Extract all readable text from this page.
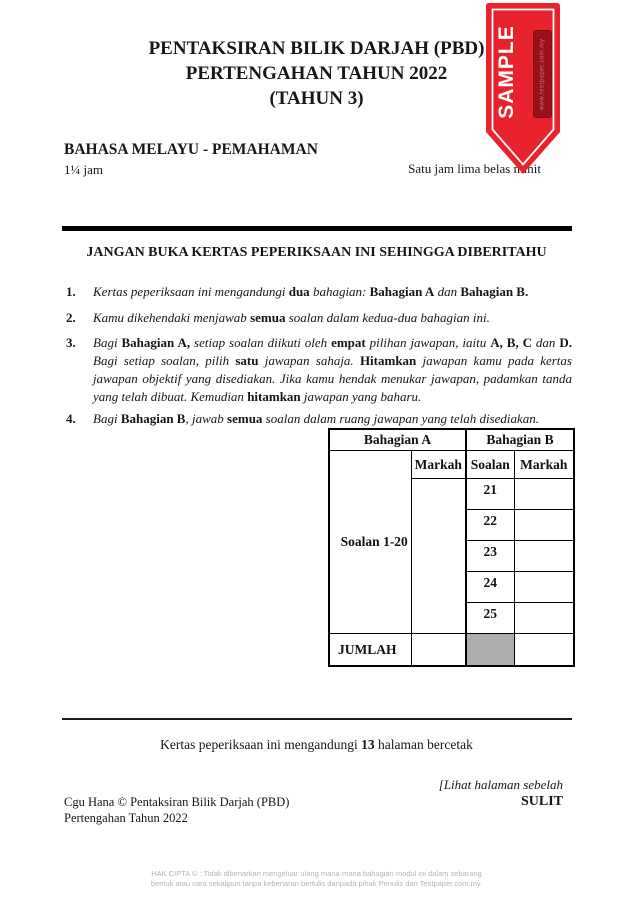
PENTAKSIRAN BILIK DARJAH (PBD)
PERTENGAHAN TAHUN 2022
(TAHUN 3)
BAHASA MELAYU - PEMAHAMAN
1¼ jam	Satu jam lima belas minit
SAMPLE	www.testpaper.com.my
JANGAN BUKA KERTAS PEPERIKSAAN INI SEHINGGA DIBERITAHU
1.	Kertas peperiksaan ini mengandungi dua bahagian: Bahagian A dan Bahagian B.
2.	Kamu dikehendaki menjawab semua soalan dalam kedua-dua bahagian ini.
3.	Bagi Bahagian A, setiap soalan diikuti oleh empat pilihan jawapan, iaitu A, B, C dan D. Bagi setiap soalan, pilih satu jawapan sahaja. Hitamkan jawapan kamu pada kertas jawapan objektif yang disediakan. Jika kamu hendak menukar jawapan, padamkan tanda yang telah dibuat. Kemudian hitamkan jawapan yang baharu.
4.	Bagi Bahagian B, jawab semua soalan dalam ruang jawapan yang telah disediakan.
Bahagian A		Bahagian B	
Soalan 1-20	Markah	Soalan	Markah
		21	
		22	
		23	
		24	
		25	
JUMLAH			
Kertas peperiksaan ini mengandungi 13 halaman bercetak
[Lihat halaman sebelah
SULIT
Cgu Hana © Pentaksiran Bilik Darjah (PBD)
Pertengahan Tahun 2022
HAK CIPTA © : Tidak dibenarkan mengeluar ulang mana-mana bahagian modul ini dalam sebarang
bentuk atau cara sekalipun tanpa kebenaran bertulis daripada pihak Penulis dan Testpaper.com.my.
